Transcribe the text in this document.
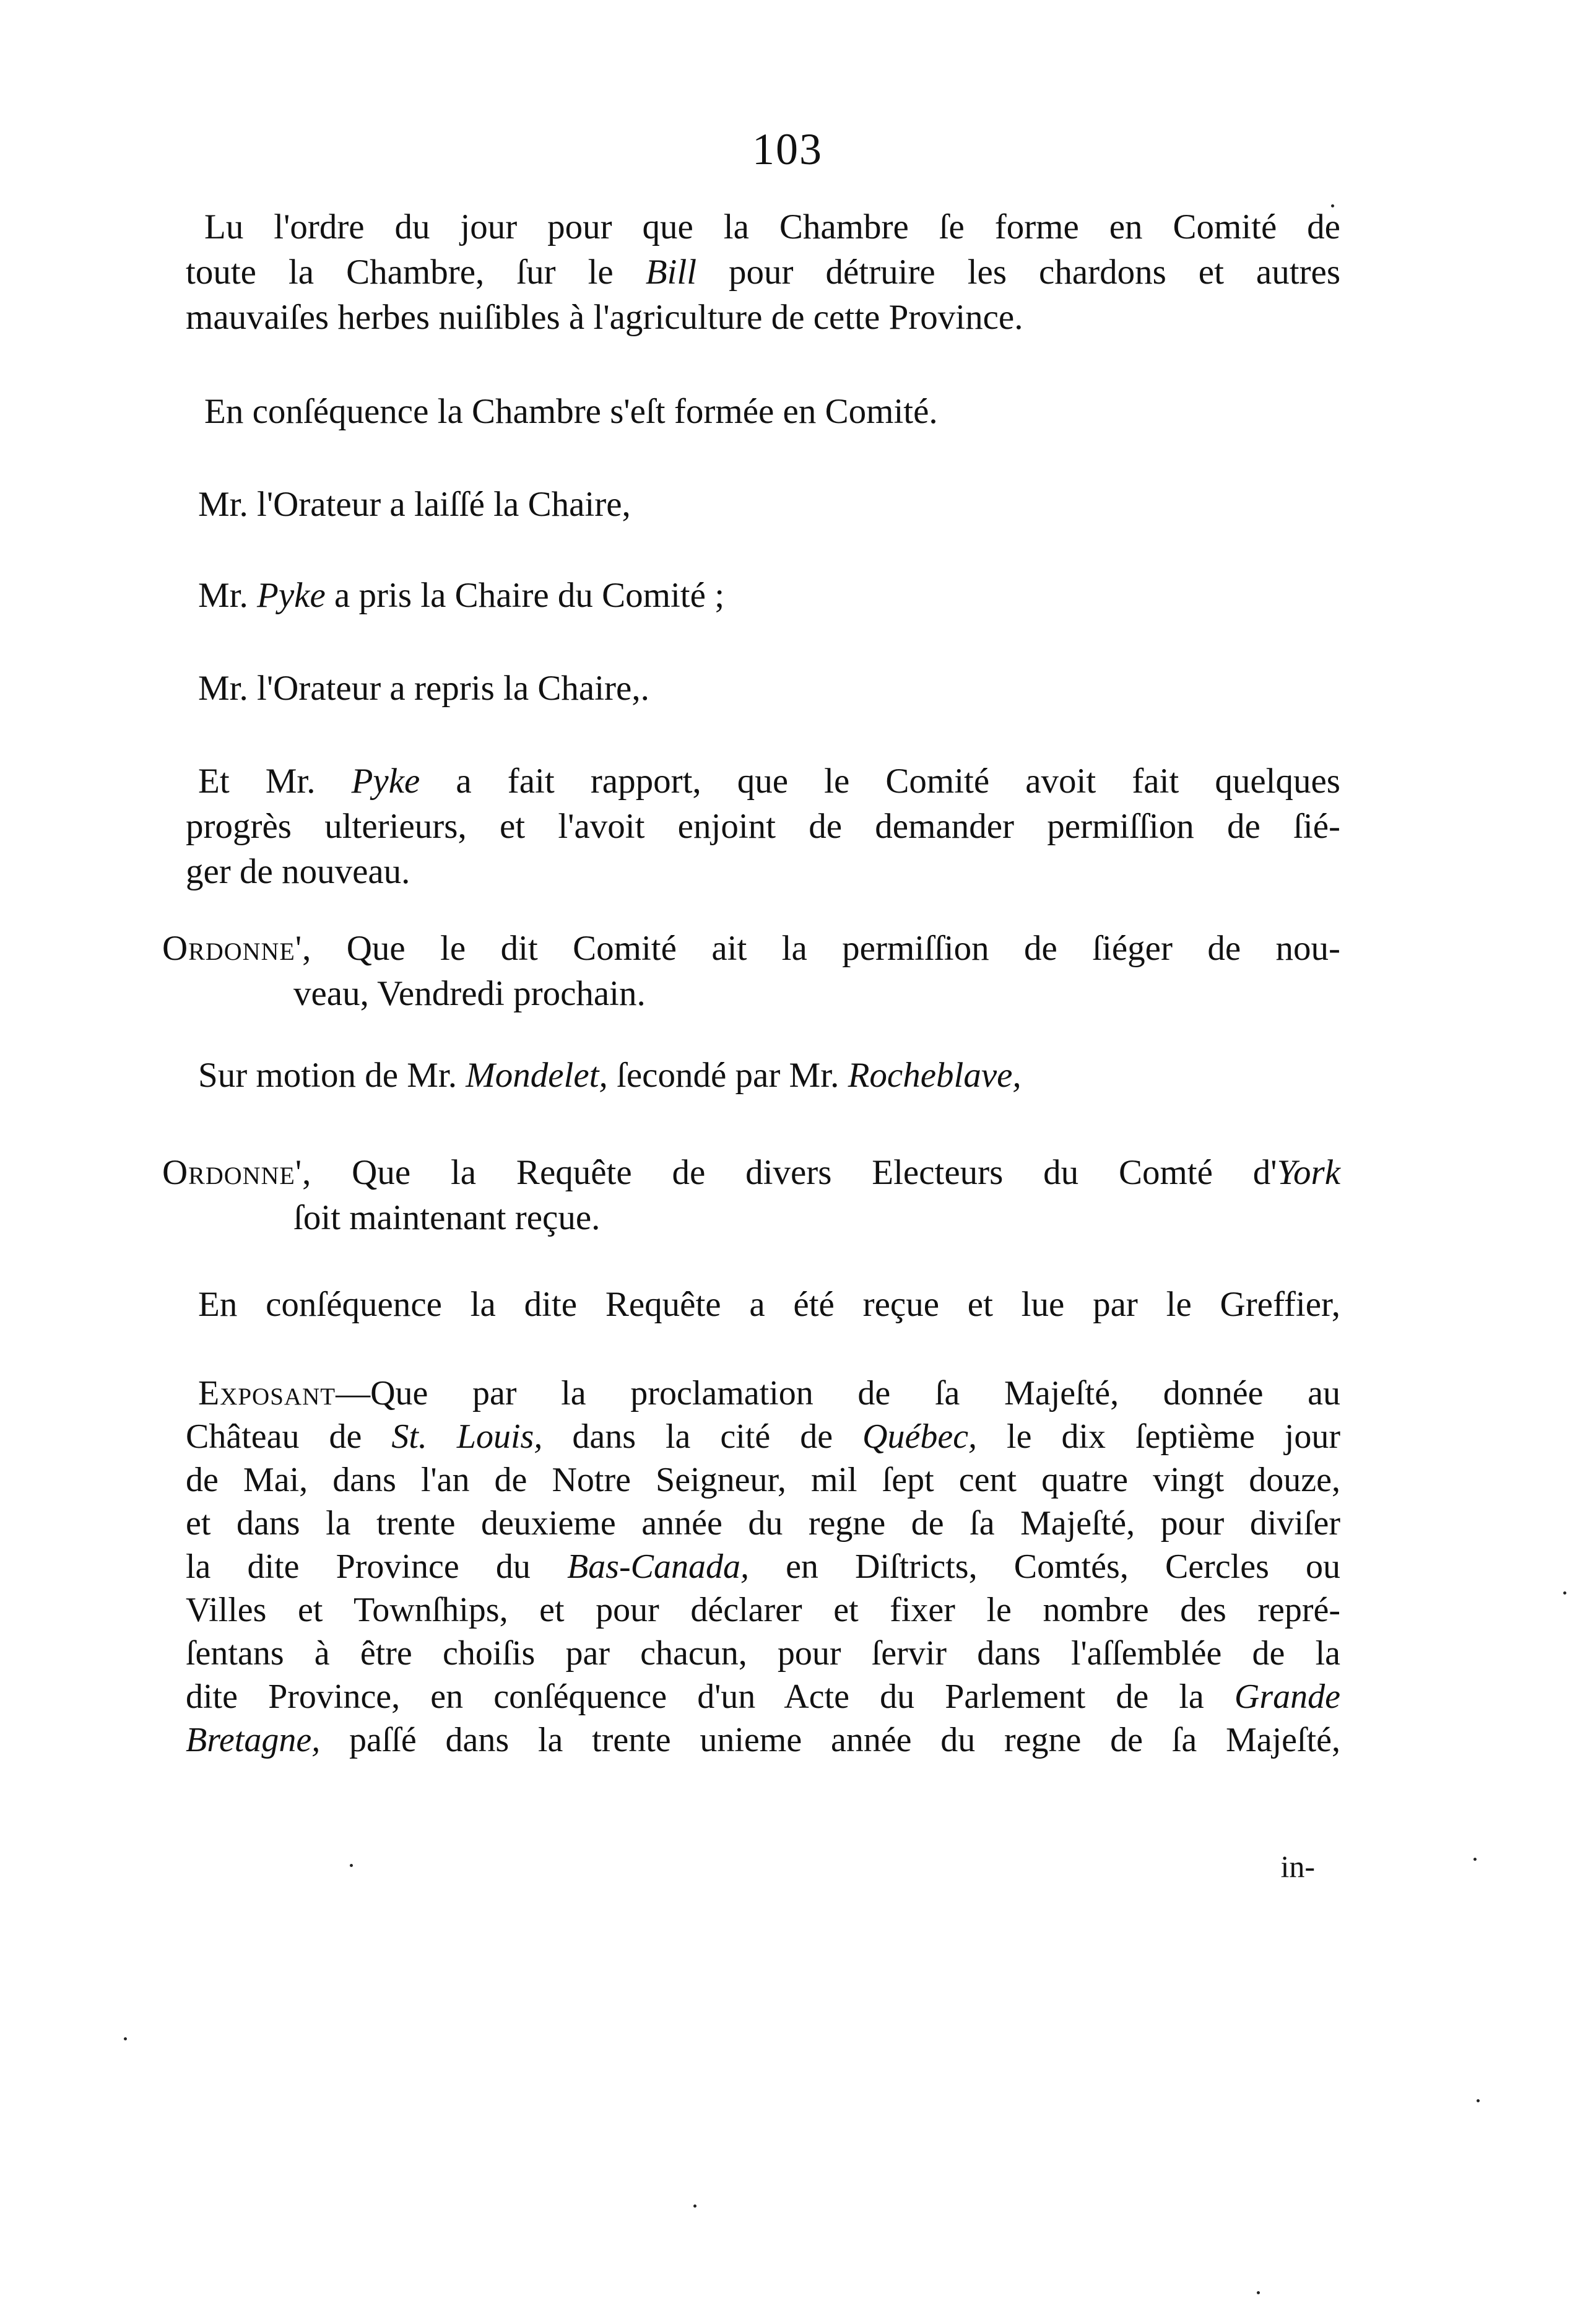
103
Lu l'ordre du jour pour que la Chambre ſe forme en Comité de
toute la Chambre, ſur le Bill pour détruire les chardons et autres
mauvaiſes herbes nuiſibles à l'agriculture de cette Province.
En conſéquence la Chambre s'eſt formée en Comité.
Mr. l'Orateur a laiſſé la Chaire,
Mr. Pyke a pris la Chaire du Comité ;
Mr. l'Orateur a repris la Chaire,.
Et Mr. Pyke a fait rapport, que le Comité avoit fait quelques
progrès ulterieurs, et l'avoit enjoint de demander permiſſion de ſié-
ger de nouveau.
Ordonne', Que le dit Comité ait la permiſſion de ſiéger de nou-
veau, Vendredi prochain.
Sur motion de Mr. Mondelet, ſecondé par Mr. Rocheblave,
Ordonne', Que la Requête de divers Electeurs du Comté d'York
ſoit maintenant reçue.
En conſéquence la dite Requête a été reçue et lue par le Greffier,
Exposant—Que par la proclamation de ſa Majeſté, donnée au
Château de St. Louis, dans la cité de Québec, le dix ſeptième jour
de Mai, dans l'an de Notre Seigneur, mil ſept cent quatre vingt douze,
et dans la trente deuxieme année du regne de ſa Majeſté, pour diviſer
la dite Province du Bas-Canada, en Diſtricts, Comtés, Cercles ou
Villes et Townſhips, et pour déclarer et fixer le nombre des repré-
ſentans à être choiſis par chacun, pour ſervir dans l'aſſemblée de la
dite Province, en conſéquence d'un Acte du Parlement de la Grande
Bretagne, paſſé dans la trente unieme année du regne de ſa Majeſté,
in-
